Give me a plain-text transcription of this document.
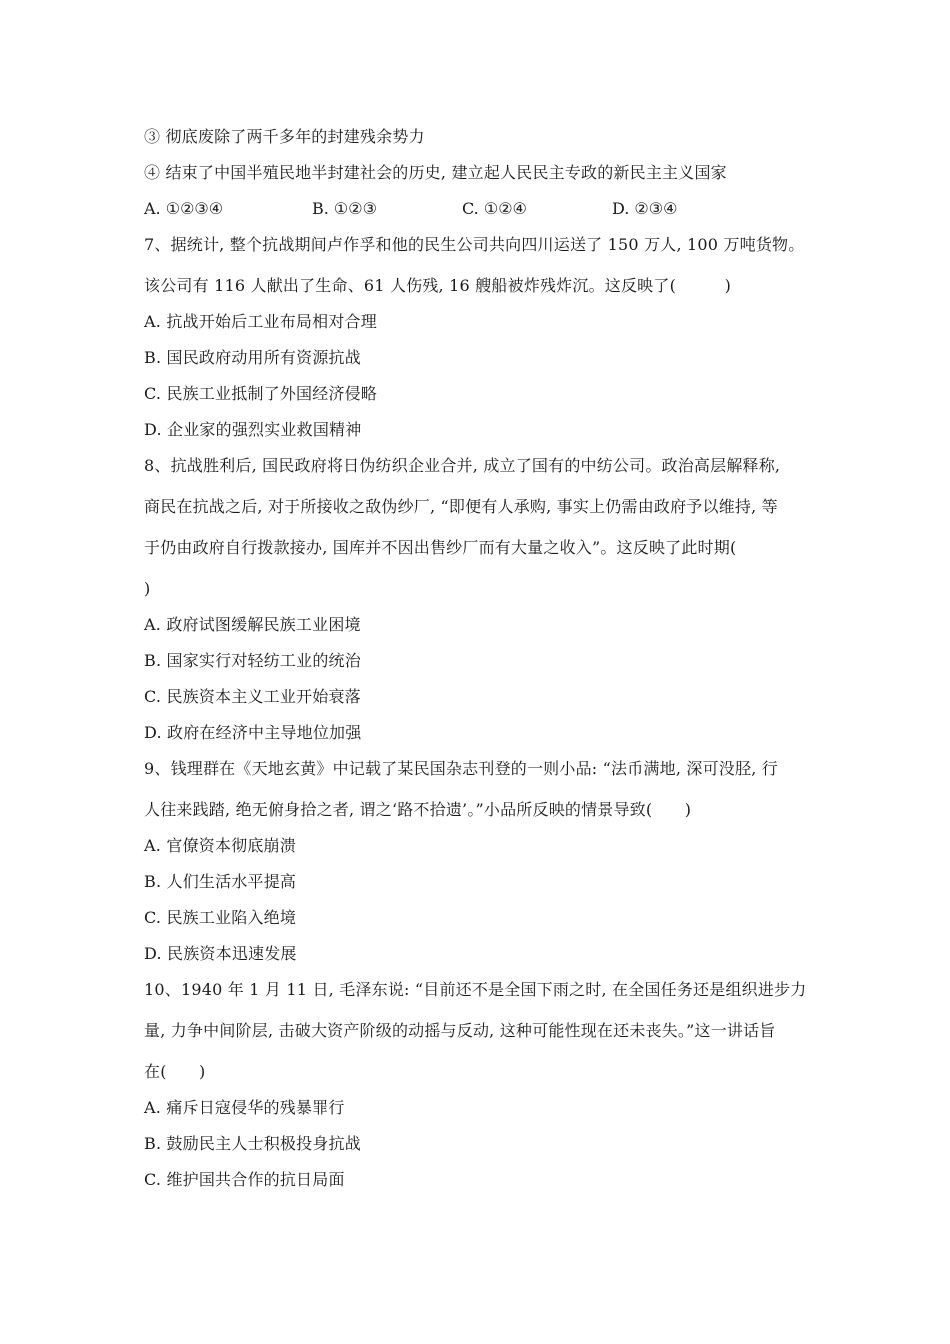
③ 彻底废除了两千多年的封建残余势力
④ 结束了中国半殖民地半封建社会的历史, 建立起人民民主专政的新民主主义国家
A. ①②③④	B. ①②③	C. ①②④	D. ②③④
7、据统计, 整个抗战期间卢作孚和他的民生公司共向四川运送了 150 万人, 100 万吨货物。
该公司有 116 人献出了生命、61 人伤残, 16 艘船被炸残炸沉。这反映了(　　　)
A. 抗战开始后工业布局相对合理
B. 国民政府动用所有资源抗战
C. 民族工业抵制了外国经济侵略
D. 企业家的强烈实业救国精神
8、抗战胜利后, 国民政府将日伪纺织企业合并, 成立了国有的中纺公司。政治高层解释称,
商民在抗战之后, 对于所接收之敌伪纱厂, “即便有人承购, 事实上仍需由政府予以维持, 等
于仍由政府自行拨款接办, 国库并不因出售纱厂而有大量之收入”。这反映了此时期(
)
A. 政府试图缓解民族工业困境
B. 国家实行对轻纺工业的统治
C. 民族资本主义工业开始衰落
D. 政府在经济中主导地位加强
9、钱理群在《天地玄黄》中记载了某民国杂志刊登的一则小品: “法币满地, 深可没胫, 行
人往来践踏, 绝无俯身拾之者, 谓之‘路不拾遗’。”小品所反映的情景导致(　　)
A. 官僚资本彻底崩溃
B. 人们生活水平提高
C. 民族工业陷入绝境
D. 民族资本迅速发展
10、1940 年 1 月 11 日, 毛泽东说: “目前还不是全国下雨之时, 在全国任务还是组织进步力
量, 力争中间阶层, 击破大资产阶级的动摇与反动, 这种可能性现在还未丧失。”这一讲话旨
在(　　)
A. 痛斥日寇侵华的残暴罪行
B. 鼓励民主人士积极投身抗战
C. 维护国共合作的抗日局面
